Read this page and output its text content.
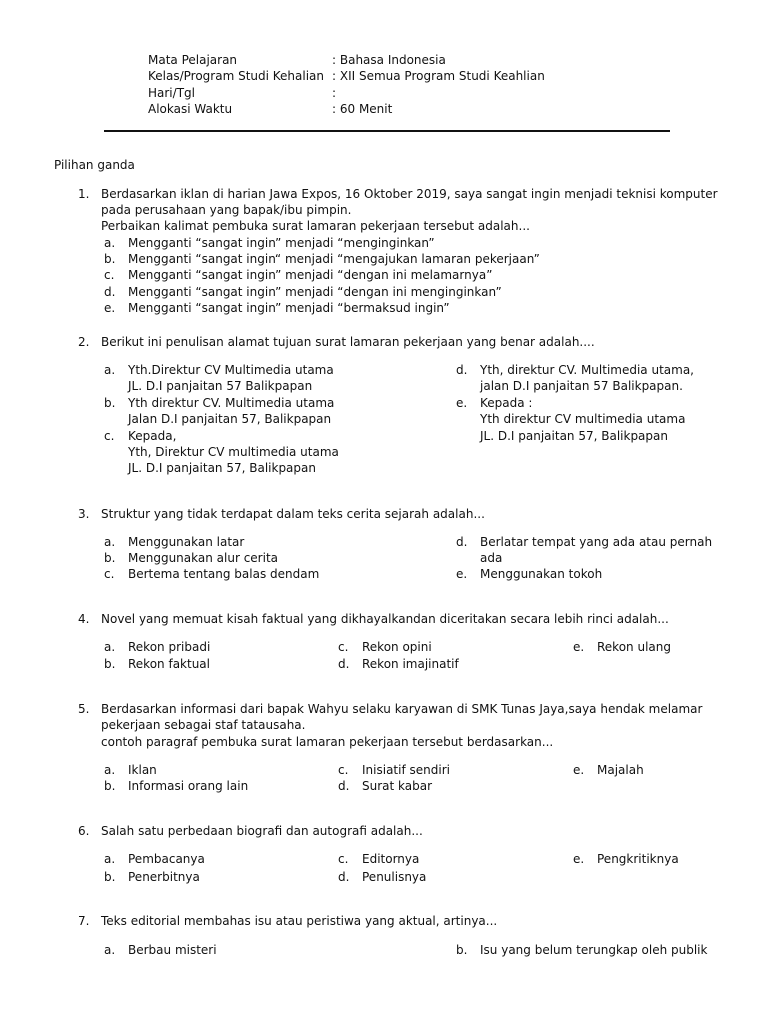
Mata Pelajaran	: Bahasa Indonesia
Kelas/Program Studi Kehalian : XII Semua Program Studi Keahlian
Hari/Tgl	:
Alokasi Waktu	: 60 Menit
Pilihan ganda
1. Berdasarkan iklan di harian Jawa Expos, 16 Oktober 2019, saya sangat ingin menjadi teknisi komputer
pada perusahaan yang bapak/ibu pimpin.
Perbaikan kalimat pembuka surat lamaran pekerjaan tersebut adalah...
a. Mengganti “sangat ingin” menjadi “menginginkan”
b. Mengganti “sangat ingin“ menjadi “mengajukan lamaran pekerjaan”
c. Mengganti “sangat ingin” menjadi “dengan ini melamarnya”
d. Mengganti “sangat ingin” menjadi “dengan ini menginginkan”
e. Mengganti “sangat ingin” menjadi “bermaksud ingin”
2. Berikut ini penulisan alamat tujuan surat lamaran pekerjaan yang benar adalah....
a. Yth.Direktur CV Multimedia utama
JL. D.I panjaitan 57 Balikpapan
b. Yth direktur CV. Multimedia utama
Jalan D.I panjaitan 57, Balikpapan
c. Kepada,
Yth, Direktur CV multimedia utama
JL. D.I panjaitan 57, Balikpapan
d. Yth, direktur CV. Multimedia utama,
jalan D.I panjaitan 57 Balikpapan.
e. Kepada :
Yth direktur CV multimedia utama
JL. D.I panjaitan 57, Balikpapan
3. Struktur yang tidak terdapat dalam teks cerita sejarah adalah...
a. Menggunakan latar
b. Menggunakan alur cerita
c. Bertema tentang balas dendam
d. Berlatar tempat yang ada atau pernah
ada
e. Menggunakan tokoh
4. Novel yang memuat kisah faktual yang dikhayalkandan diceritakan secara lebih rinci adalah...
a. Rekon pribadi
b. Rekon faktual
c. Rekon opini
d. Rekon imajinatif
e. Rekon ulang
5. Berdasarkan informasi dari bapak Wahyu selaku karyawan di SMK Tunas Jaya,saya hendak melamar
pekerjaan sebagai staf tatausaha.
contoh paragraf pembuka surat lamaran pekerjaan tersebut berdasarkan...
a. Iklan
b. Informasi orang lain
c. Inisiatif sendiri
d. Surat kabar
e. Majalah
6. Salah satu perbedaan biografi dan autografi adalah...
a. Pembacanya
b. Penerbitnya
c. Editornya
d. Penulisnya
e. Pengkritiknya
7. Teks editorial membahas isu atau peristiwa yang aktual, artinya...
a. Berbau misteri	b. Isu yang belum terungkap oleh publik
